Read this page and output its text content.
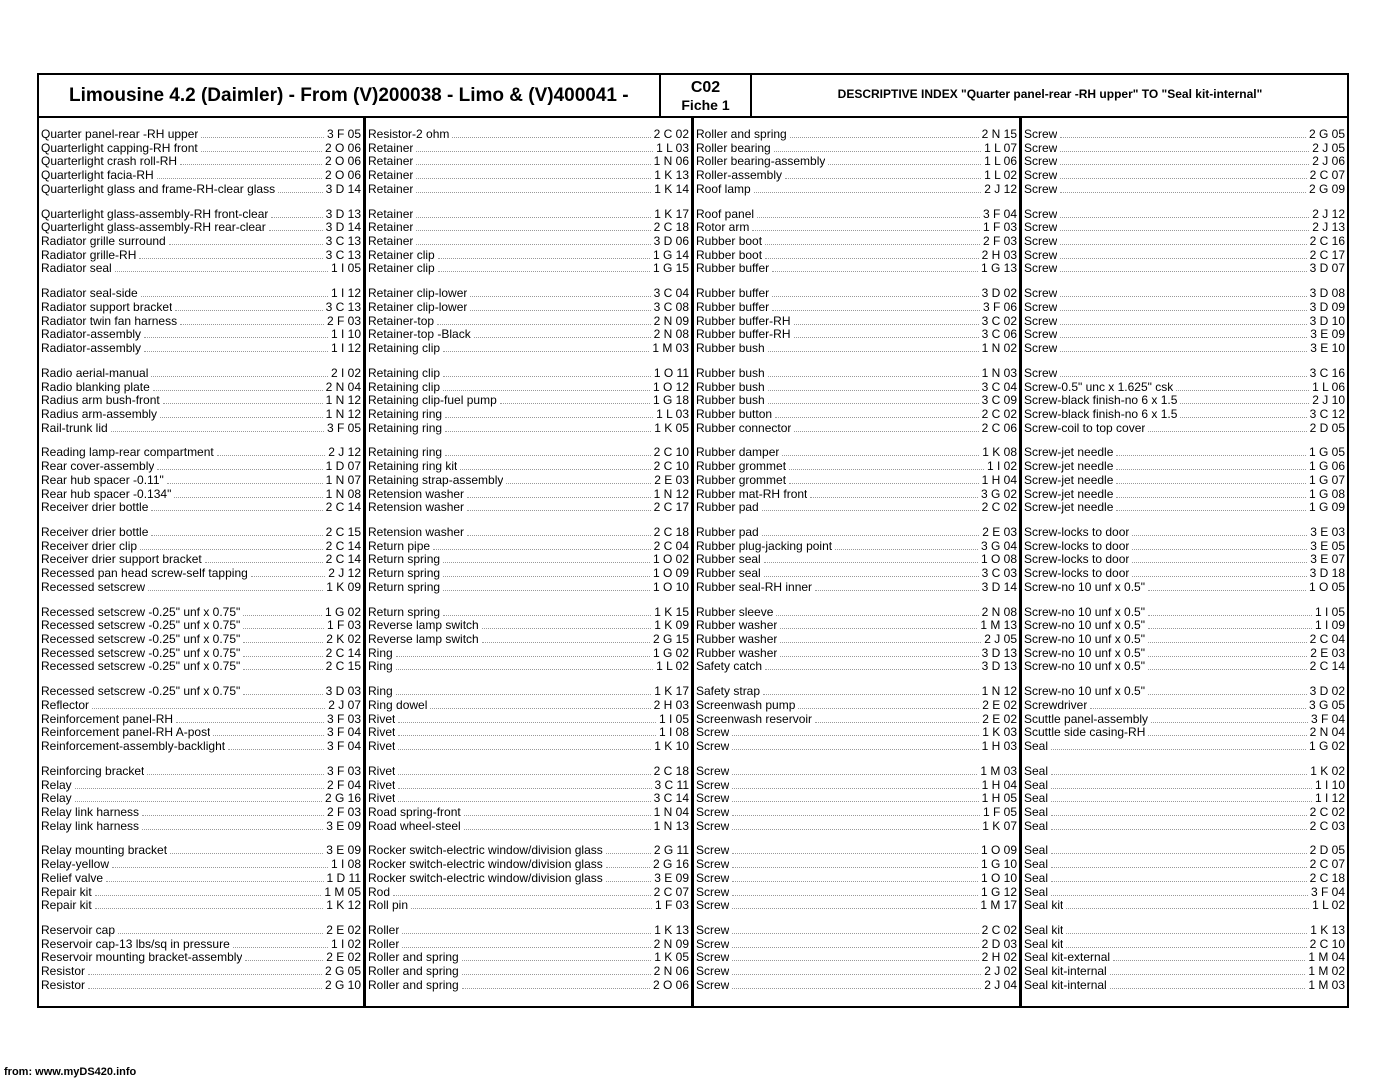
Limousine 4.2 (Daimler) - From (V)200038 - Limo & (V)400041 -	C02
Fiche 1
DESCRIPTIVE INDEX "Quarter panel-rear -RH upper" TO "Seal kit-internal"
Quarter panel-rear -RH upper	3 F 05
Quarterlight capping-RH front	2 O 06
Quarterlight crash roll-RH	2 O 06
Quarterlight facia-RH	2 O 06
Quarterlight glass and frame-RH-clear glass	3 D 14
Quarterlight glass-assembly-RH front-clear	3 D 13
Quarterlight glass-assembly-RH rear-clear	3 D 14
Radiator grille surround	3 C 13
Radiator grille-RH	3 C 13
Radiator seal	1 I 05
Radiator seal-side	1 I 12
Radiator support bracket	3 C 13
Radiator twin fan harness	2 F 03
Radiator-assembly	1 I 10
Radiator-assembly	1 I 12
Radio aerial-manual	2 I 02
Radio blanking plate	2 N 04
Radius arm bush-front	1 N 12
Radius arm-assembly	1 N 12
Rail-trunk lid	3 F 05
Reading lamp-rear compartment	2 J 12
Rear cover-assembly	1 D 07
Rear hub spacer -0.11"	1 N 07
Rear hub spacer -0.134"	1 N 08
Receiver drier bottle	2 C 14
Receiver drier bottle	2 C 15
Receiver drier clip	2 C 14
Receiver drier support bracket	2 C 14
Recessed pan head screw-self tapping	2 J 12
Recessed setscrew	1 K 09
Recessed setscrew -0.25" unf x 0.75"	1 G 02
Recessed setscrew -0.25" unf x 0.75"	1 F 03
Recessed setscrew -0.25" unf x 0.75"	2 K 02
Recessed setscrew -0.25" unf x 0.75"	2 C 14
Recessed setscrew -0.25" unf x 0.75"	2 C 15
Recessed setscrew -0.25" unf x 0.75"	3 D 03
Reflector	2 J 07
Reinforcement panel-RH	3 F 03
Reinforcement panel-RH A-post	3 F 04
Reinforcement-assembly-backlight	3 F 04
Reinforcing bracket	3 F 03
Relay	2 F 04
Relay	2 G 16
Relay link harness	2 F 03
Relay link harness	3 E 09
Relay mounting bracket	3 E 09
Relay-yellow	1 I 08
Relief valve	1 D 11
Repair kit	1 M 05
Repair kit	1 K 12
Reservoir cap	2 E 02
Reservoir cap-13 lbs/sq in pressure	1 I 02
Reservoir mounting bracket-assembly	2 E 02
Resistor	2 G 05
Resistor	2 G 10
Resistor-2 ohm	2 C 02
Retainer	1 L 03
Retainer	1 N 06
Retainer	1 K 13
Retainer	1 K 14
Retainer	1 K 17
Retainer	2 C 18
Retainer	3 D 06
Retainer clip	1 G 14
Retainer clip	1 G 15
Retainer clip-lower	3 C 04
Retainer clip-lower	3 C 08
Retainer-top	2 N 09
Retainer-top -Black	2 N 08
Retaining clip	1 M 03
Retaining clip	1 O 11
Retaining clip	1 O 12
Retaining clip-fuel pump	1 G 18
Retaining ring	1 L 03
Retaining ring	1 K 05
Retaining ring	2 C 10
Retaining ring kit	2 C 10
Retaining strap-assembly	2 E 03
Retension washer	1 N 12
Retension washer	2 C 17
Retension washer	2 C 18
Return pipe	2 C 04
Return spring	1 O 02
Return spring	1 O 09
Return spring	1 O 10
Return spring	1 K 15
Reverse lamp switch	1 K 09
Reverse lamp switch	2 G 15
Ring	1 G 02
Ring	1 L 02
Ring	1 K 17
Ring dowel	2 H 03
Rivet	1 I 05
Rivet	1 I 08
Rivet	1 K 10
Rivet	2 C 18
Rivet	3 C 11
Rivet	3 C 14
Road spring-front	1 N 04
Road wheel-steel	1 N 13
Rocker switch-electric window/division glass	2 G 11
Rocker switch-electric window/division glass	2 G 16
Rocker switch-electric window/division glass	3 E 09
Rod	2 C 07
Roll pin	1 F 03
Roller	1 K 13
Roller	2 N 09
Roller and spring	1 K 05
Roller and spring	2 N 06
Roller and spring	2 O 06
Roller and spring	2 N 15
Roller bearing	1 L 07
Roller bearing-assembly	1 L 06
Roller-assembly	1 L 02
Roof lamp	2 J 12
Roof panel	3 F 04
Rotor arm	1 F 03
Rubber boot	2 F 03
Rubber boot	2 H 03
Rubber buffer	1 G 13
Rubber buffer	3 D 02
Rubber buffer	3 F 06
Rubber buffer-RH	3 C 02
Rubber buffer-RH	3 C 06
Rubber bush	1 N 02
Rubber bush	1 N 03
Rubber bush	3 C 04
Rubber bush	3 C 09
Rubber button	2 C 02
Rubber connector	2 C 06
Rubber damper	1 K 08
Rubber grommet	1 I 02
Rubber grommet	1 H 04
Rubber mat-RH front	3 G 02
Rubber pad	2 C 02
Rubber pad	2 E 03
Rubber plug-jacking point	3 G 04
Rubber seal	1 O 08
Rubber seal	3 C 03
Rubber seal-RH inner	3 D 14
Rubber sleeve	2 N 08
Rubber washer	1 M 13
Rubber washer	2 J 05
Rubber washer	3 D 13
Safety catch	3 D 13
Safety strap	1 N 12
Screenwash pump	2 E 02
Screenwash reservoir	2 E 02
Screw	1 K 03
Screw	1 H 03
Screw	1 M 03
Screw	1 H 04
Screw	1 H 05
Screw	1 F 05
Screw	1 K 07
Screw	1 O 09
Screw	1 G 10
Screw	1 O 10
Screw	1 G 12
Screw	1 M 17
Screw	2 C 02
Screw	2 D 03
Screw	2 H 02
Screw	2 J 02
Screw	2 J 04
Screw	2 G 05
Screw	2 J 05
Screw	2 J 06
Screw	2 C 07
Screw	2 G 09
Screw	2 J 12
Screw	2 J 13
Screw	2 C 16
Screw	2 C 17
Screw	3 D 07
Screw	3 D 08
Screw	3 D 09
Screw	3 D 10
Screw	3 E 09
Screw	3 E 10
Screw	3 C 16
Screw-0.5" unc x 1.625" csk	1 L 06
Screw-black finish-no 6 x 1.5	2 J 10
Screw-black finish-no 6 x 1.5	3 C 12
Screw-coil to top cover	2 D 05
Screw-jet needle	1 G 05
Screw-jet needle	1 G 06
Screw-jet needle	1 G 07
Screw-jet needle	1 G 08
Screw-jet needle	1 G 09
Screw-locks to door	3 E 03
Screw-locks to door	3 E 05
Screw-locks to door	3 E 07
Screw-locks to door	3 D 18
Screw-no 10 unf x 0.5"	1 O 05
Screw-no 10 unf x 0.5"	1 I 05
Screw-no 10 unf x 0.5"	1 I 09
Screw-no 10 unf x 0.5"	2 C 04
Screw-no 10 unf x 0.5"	2 E 03
Screw-no 10 unf x 0.5"	2 C 14
Screw-no 10 unf x 0.5"	3 D 02
Screwdriver	3 G 05
Scuttle panel-assembly	3 F 04
Scuttle side casing-RH	2 N 04
Seal	1 G 02
Seal	1 K 02
Seal	1 I 10
Seal	1 I 12
Seal	2 C 02
Seal	2 C 03
Seal	2 D 05
Seal	2 C 07
Seal	2 C 18
Seal	3 F 04
Seal kit	1 L 02
Seal kit	1 K 13
Seal kit	2 C 10
Seal kit-external	1 M 04
Seal kit-internal	1 M 02
Seal kit-internal	1 M 03
from: www.myDS420.info
